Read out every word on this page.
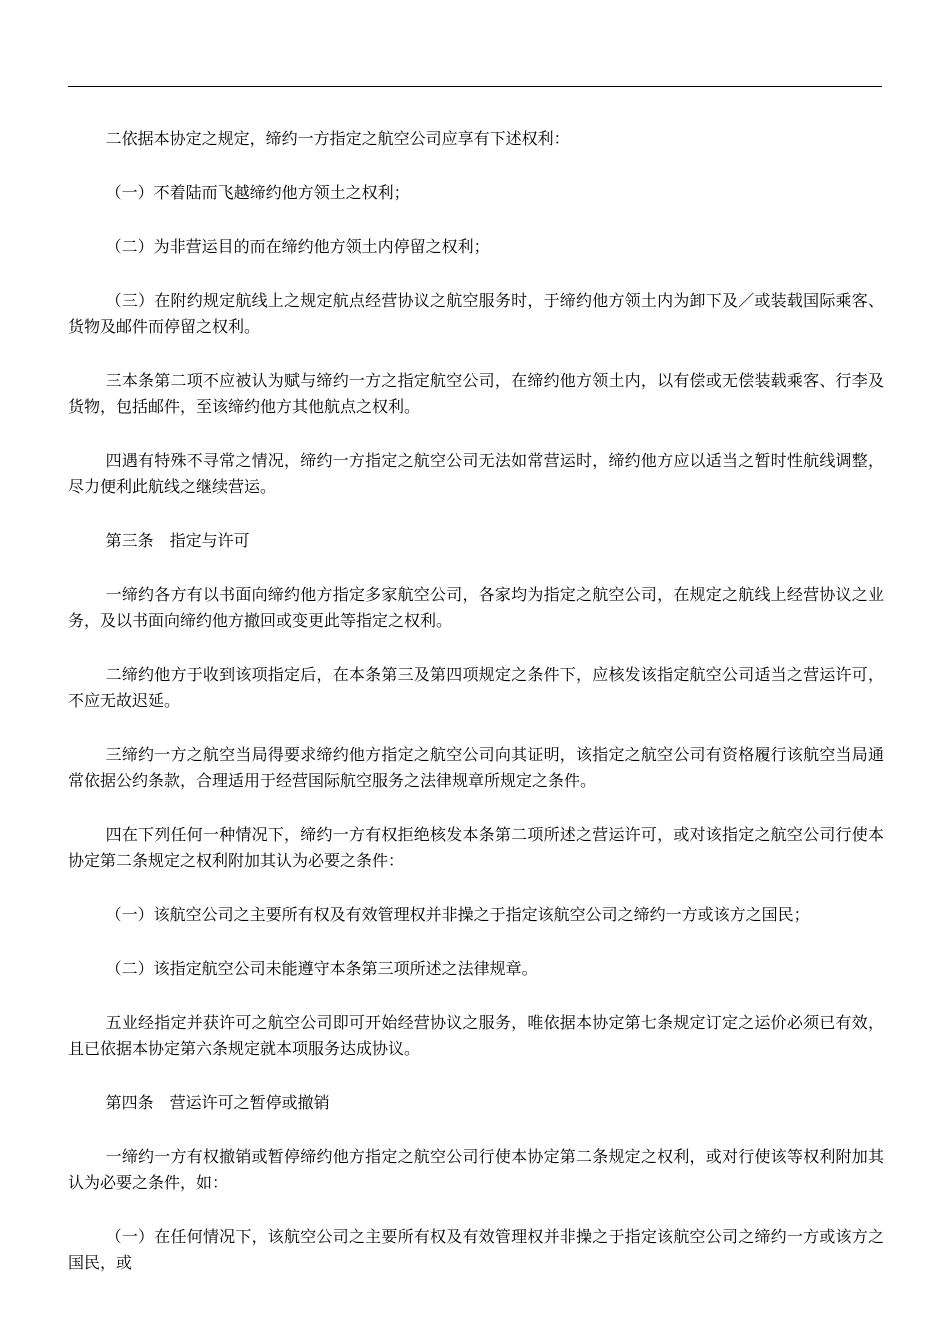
二依据本协定之规定，缔约一方指定之航空公司应享有下述权利：

（一）不着陆而飞越缔约他方领土之权利；

（二）为非营运目的而在缔约他方领土内停留之权利；

（三）在附约规定航线上之规定航点经营协议之航空服务时，于缔约他方领土内为卸下及／或装载国际乘客、货物及邮件而停留之权利。

三本条第二项不应被认为赋与缔约一方之指定航空公司，在缔约他方领土内，以有偿或无偿装载乘客、行李及货物，包括邮件，至该缔约他方其他航点之权利。

四遇有特殊不寻常之情况，缔约一方指定之航空公司无法如常营运时，缔约他方应以适当之暂时性航线调整，尽力便利此航线之继续营运。

第三条　指定与许可

一缔约各方有以书面向缔约他方指定多家航空公司，各家均为指定之航空公司，在规定之航线上经营协议之业务，及以书面向缔约他方撤回或变更此等指定之权利。

二缔约他方于收到该项指定后，在本条第三及第四项规定之条件下，应核发该指定航空公司适当之营运许可，不应无故迟延。

三缔约一方之航空当局得要求缔约他方指定之航空公司向其证明，该指定之航空公司有资格履行该航空当局通常依据公约条款，合理适用于经营国际航空服务之法律规章所规定之条件。

四在下列任何一种情况下，缔约一方有权拒绝核发本条第二项所述之营运许可，或对该指定之航空公司行使本协定第二条规定之权利附加其认为必要之条件：

（一）该航空公司之主要所有权及有效管理权并非操之于指定该航空公司之缔约一方或该方之国民；

（二）该指定航空公司未能遵守本条第三项所述之法律规章。

五业经指定并获许可之航空公司即可开始经营协议之服务，唯依据本协定第七条规定订定之运价必须已有效，且已依据本协定第六条规定就本项服务达成协议。

第四条　营运许可之暂停或撤销

一缔约一方有权撤销或暂停缔约他方指定之航空公司行使本协定第二条规定之权利，或对行使该等权利附加其认为必要之条件，如：

（一）在任何情况下，该航空公司之主要所有权及有效管理权并非操之于指定该航空公司之缔约一方或该方之国民，或
